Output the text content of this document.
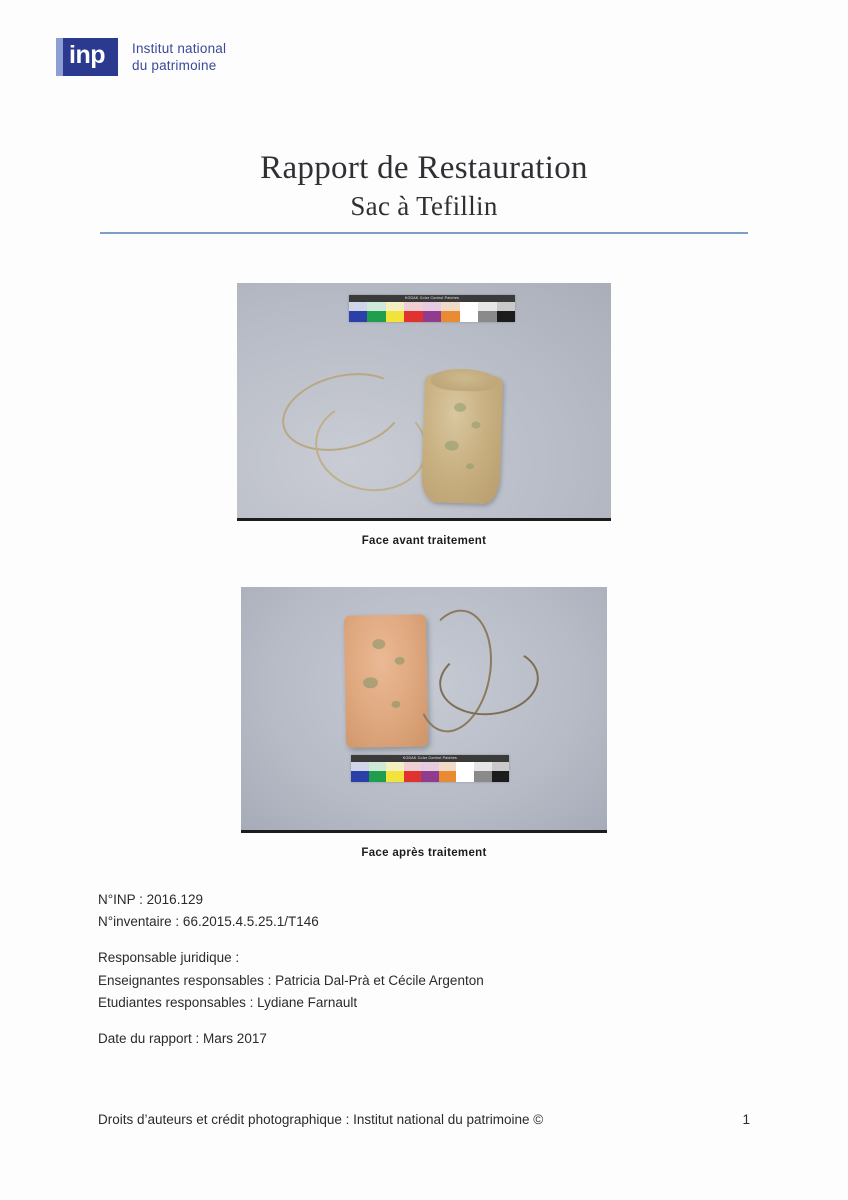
inp Institut national
du patrimoine
Rapport de Restauration
Sac à Tefillin
KODAK Color Control Patches
Face avant traitement
KODAK Color Control Patches
Face après traitement

N°INP : 2016.129

N°inventaire : 66.2015.4.5.25.1/T146

Responsable juridique :

Enseignantes responsables : Patricia Dal-Prà et Cécile Argenton

Etudiantes responsables : Lydiane Farnault

Date du rapport : Mars 2017

Droits d’auteurs et crédit photographique : Institut national du patrimoine ©	1
